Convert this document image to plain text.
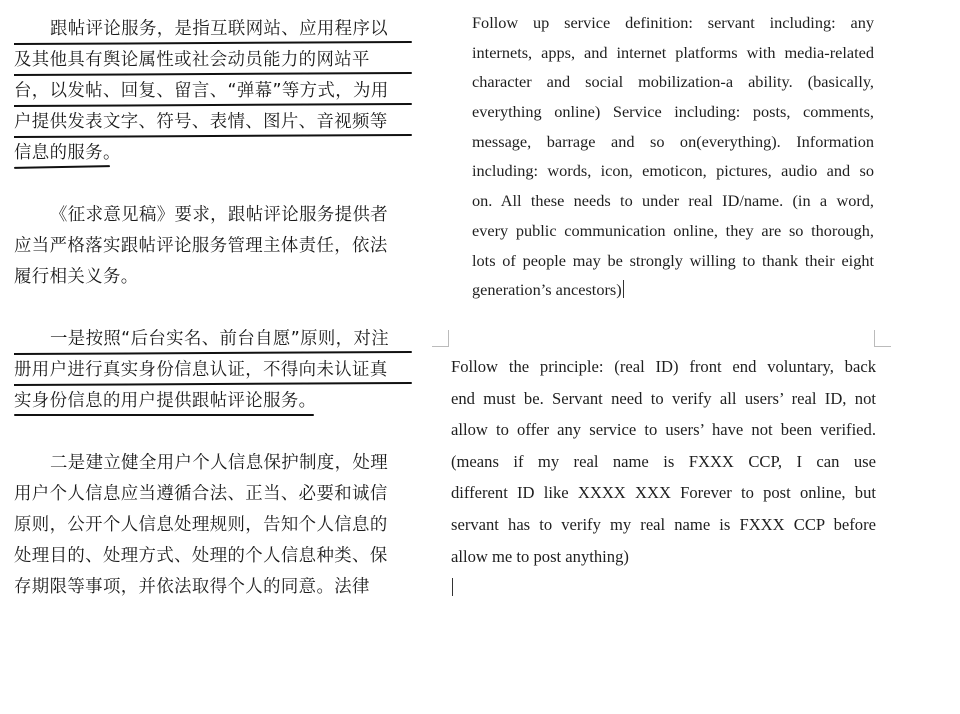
跟帖评论服务，是指互联网站、应用程序以
及其他具有舆论属性或社会动员能力的网站平
台，以发帖、回复、留言、“弹幕”等方式，为用
户提供发表文字、符号、表情、图片、音视频等
信息的服务。
《征求意见稿》要求，跟帖评论服务提供者
应当严格落实跟帖评论服务管理主体责任，依法
履行相关义务。
一是按照“后台实名、前台自愿”原则，对注
册用户进行真实身份信息认证，不得向未认证真
实身份信息的用户提供跟帖评论服务。
二是建立健全用户个人信息保护制度，处理
用户个人信息应当遵循合法、正当、必要和诚信
原则，公开个人信息处理规则，告知个人信息的
处理目的、处理方式、处理的个人信息种类、保
存期限等事项，并依法取得个人的同意。法律
Follow up service definition: servant including: any
internets, apps, and internet platforms with media-related
character and social mobilization-a ability. (basically,
everything online) Service including: posts, comments,
message, barrage and so on(everything). Information
including: words, icon, emoticon, pictures, audio and so
on. All these needs to under real ID/name. (in a word,
every public communication online, they are so thorough,
lots of people may be strongly willing to thank their eight
generation’s ancestors)
Follow the principle: (real ID) front end voluntary, back
end must be. Servant need to verify all users’ real ID, not
allow to offer any service to users’ have not been verified.
(means if my real name is FXXX CCP, I can use
different ID like XXXX XXX Forever to post online, but
servant has to verify my real name is FXXX CCP before
allow me to post anything)
